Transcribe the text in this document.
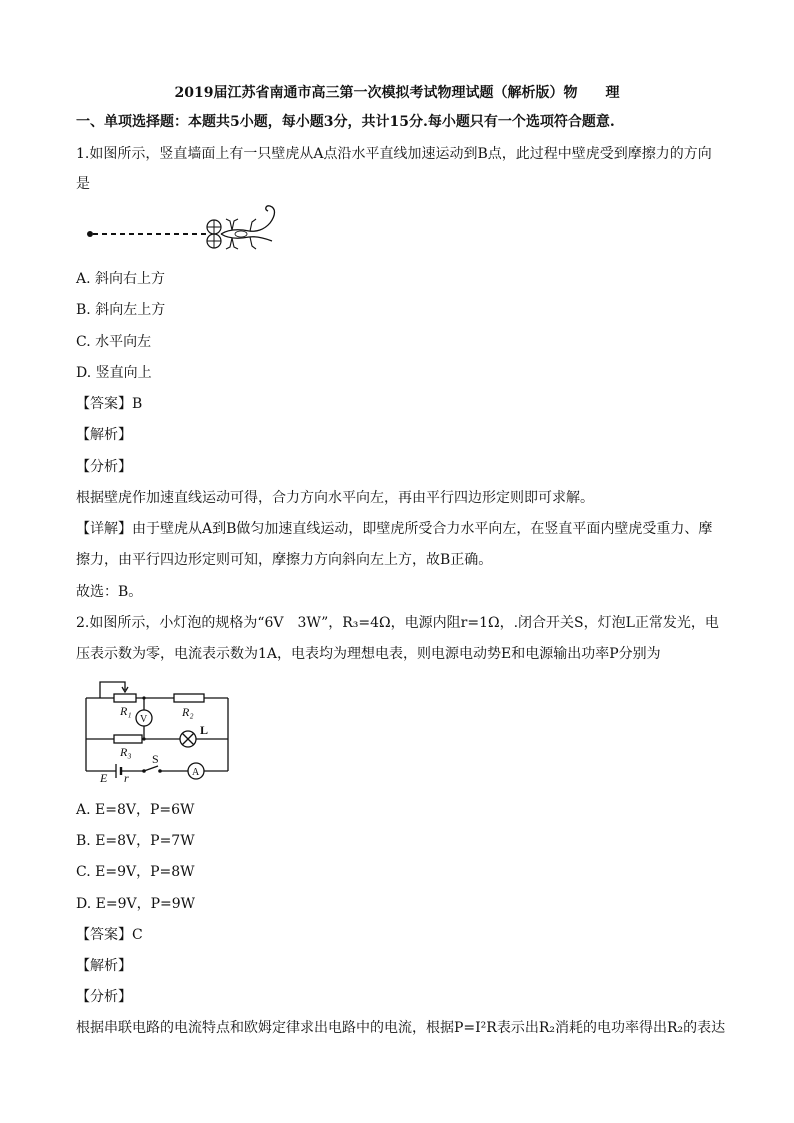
2019届江苏省南通市高三第一次模拟考试物理试题（解析版）物　　理
一、单项选择题：本题共5小题，每小题3分，共计15分.每小题只有一个选项符合题意.
1.如图所示，竖直墙面上有一只壁虎从A点沿水平直线加速运动到B点，此过程中壁虎受到摩擦力的方向
是
A. 斜向右上方
B. 斜向左上方
C. 水平向左
D. 竖直向上
【答案】B
【解析】
【分析】
根据壁虎作加速直线运动可得，合力方向水平向左，再由平行四边形定则即可求解。
【详解】由于壁虎从A到B做匀加速直线运动，即壁虎所受合力水平向左，在竖直平面内壁虎受重力、摩
擦力，由平行四边形定则可知，摩擦力方向斜向左上方，故B正确。
故选：B。
2.如图所示，小灯泡的规格为“6V　3W”，R₃=4Ω，电源内阻r=1Ω，.闭合开关S，灯泡L正常发光，电
压表示数为零，电流表示数为1A，电表均为理想电表，则电源电动势E和电源输出功率P分别为
R₁	R₂
R₃
V
A
L
S
E r
A. E=8V，P=6W
B. E=8V，P=7W
C. E=9V，P=8W
D. E=9V，P=9W
【答案】C
【解析】
【分析】
根据串联电路的电流特点和欧姆定律求出电路中的电流，根据P=I²R表示出R₂消耗的电功率得出R₂的表达
